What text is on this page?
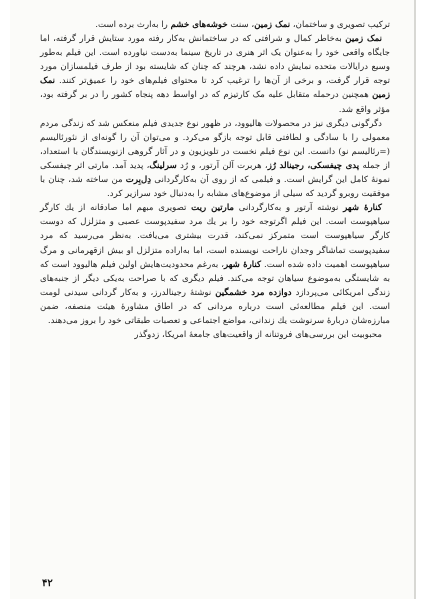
ترکیب تصویری و ساختمان، نمک زمین، سنت خوشه‌های خشم را به‌ارث برده است.

نمک زمین به‌خاطر کمال و شرافتی که در ساختمانش به‌کار رفته مورد ستایش قرار گرفته، اما جایگاه واقعی خود را به‌عنوان یک اثر هنری در تاریخ سینما به‌دست نیاورده است. این فیلم به‌طور وسیع درایالات متحده نمایش داده نشد، هرچند که چنان که شایسته بود از طرف فیلمسازان مورد توجه قرار گرفت، و برخی از آن‌ها را ترغیب کرد تا محتوای فیلم‌های خود را عمیق‌تر کنند. نمک زمین همچنین درحمله متقابل علیه مک کارتیزم که در اواسط دهه پنجاه کشور را در بر گرفته بود، مؤثر واقع شد.

دگرگونی دیگری نیز در محصولات هالیوود، در ظهور نوع جدیدی فیلم منعکس شد که زندگی مردم معمولی را با سادگی و لطافتی قابل توجه بازگو می‌کرد. و می‌توان آن را گونه‌ای از نئورئالیسم (=رئالیسم نو) دانست. این نوع فیلم نخست در تلویزیون و در آثار گروهی ازنویسندگان با استعداد، از جمله پدی چیفسکی، رجینالد رُز، هربرت آلن آرتور، و رُد سرلینگ، پدید آمد. مارتی اثر چیفسکی نمونهٔ کامل این گرایش است. و فیلمی که از روی آن به‌کارگردانی دِل‌بِرت من ساخته شد، چنان با موفقیت روبرو گردید که سیلی از موضوع‌های مشابه را به‌دنبال خود سرازیر کرد.

کنارهٔ شهر نوشته آرتور و به‌کارگردانی مارتین ریت تصویری مبهم اما صادقانه از یك کارگر سیاهپوست است. این فیلم اگرتوجه خود را بر یك مرد سفیدپوست عصبی و متزلزل که دوست کارگر سیاهپوست است متمرکز نمی‌کند، قدرت بیشتری می‌یافت. به‌نظر می‌رسید که مرد سفیدپوست تماشاگر وجدان ناراحت نویسنده است، اما به‌اراده متزلزل او بیش ازقهرمانی و مرگ سیاهپوست اهمیت داده شده است. کنارهٔ شهر، به‌رغم محدودیت‌هایش اولین فیلم هالیوود است که به‌ شایستگی به‌موضوع سیاهان توجه می‌کند. فیلم دیگری که با صراحت به‌یکی دیگر از جنبه‌های زندگی امریکائی می‌پردازد دوازده مرد خشمگین نوشتهٔ رجینالدرز، و به‌کار گردانی سیدنی لومت است. این فیلم مطالعه‌ئی است درباره مردانی که در اطاق مشاورهٔ هیئت منصفه، ضمن مبارزه‌شان دربارهٔ سرنوشت یك زندانی، مواضع اجتماعی و تعصبات طبقاتی خود را بروز می‌دهند.

محبوبیت این بررسی‌های فروتنانه از واقعیت‌های جامعهٔ امریکا، زدوگذر

۴۲
